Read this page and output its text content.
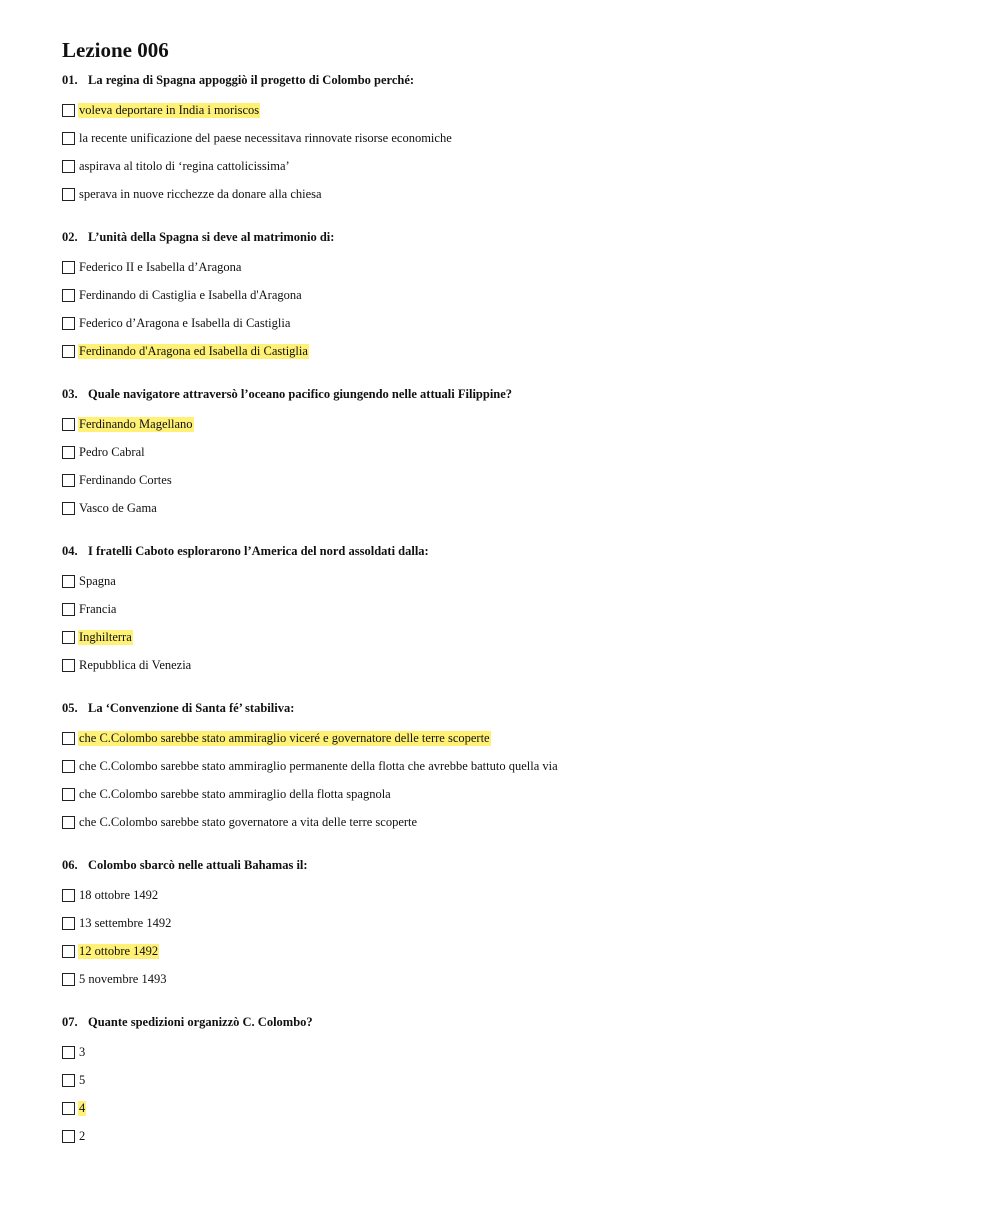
Lezione 006
01. La regina di Spagna appoggiò il progetto di Colombo perché:
voleva deportare in India i moriscos
la recente unificazione del paese necessitava rinnovate risorse economiche
aspirava al titolo di ‘regina cattolicissima’
sperava in nuove ricchezze da donare alla chiesa
02. L’unità della Spagna si deve al matrimonio di:
Federico II e Isabella d’Aragona
Ferdinando di Castiglia e Isabella d'Aragona
Federico d’Aragona e Isabella di Castiglia
Ferdinando d'Aragona ed Isabella di Castiglia
03. Quale navigatore attraversò l’oceano pacifico giungendo nelle attuali Filippine?
Ferdinando Magellano
Pedro Cabral
Ferdinando Cortes
Vasco de Gama
04. I fratelli Caboto esplorarono l’America del nord assoldati dalla:
Spagna
Francia
Inghilterra
Repubblica di Venezia
05. La ‘Convenzione di Santa fé’ stabiliva:
che C.Colombo sarebbe stato ammiraglio viceré e governatore delle terre scoperte
che C.Colombo sarebbe stato ammiraglio permanente della flotta che avrebbe battuto quella via
che C.Colombo sarebbe stato ammiraglio della flotta spagnola
che C.Colombo sarebbe stato governatore a vita delle terre scoperte
06. Colombo sbarcò nelle attuali Bahamas il:
18 ottobre 1492
13 settembre 1492
12 ottobre 1492
5 novembre 1493
07. Quante spedizioni organizzò C. Colombo?
3
5
4
2
